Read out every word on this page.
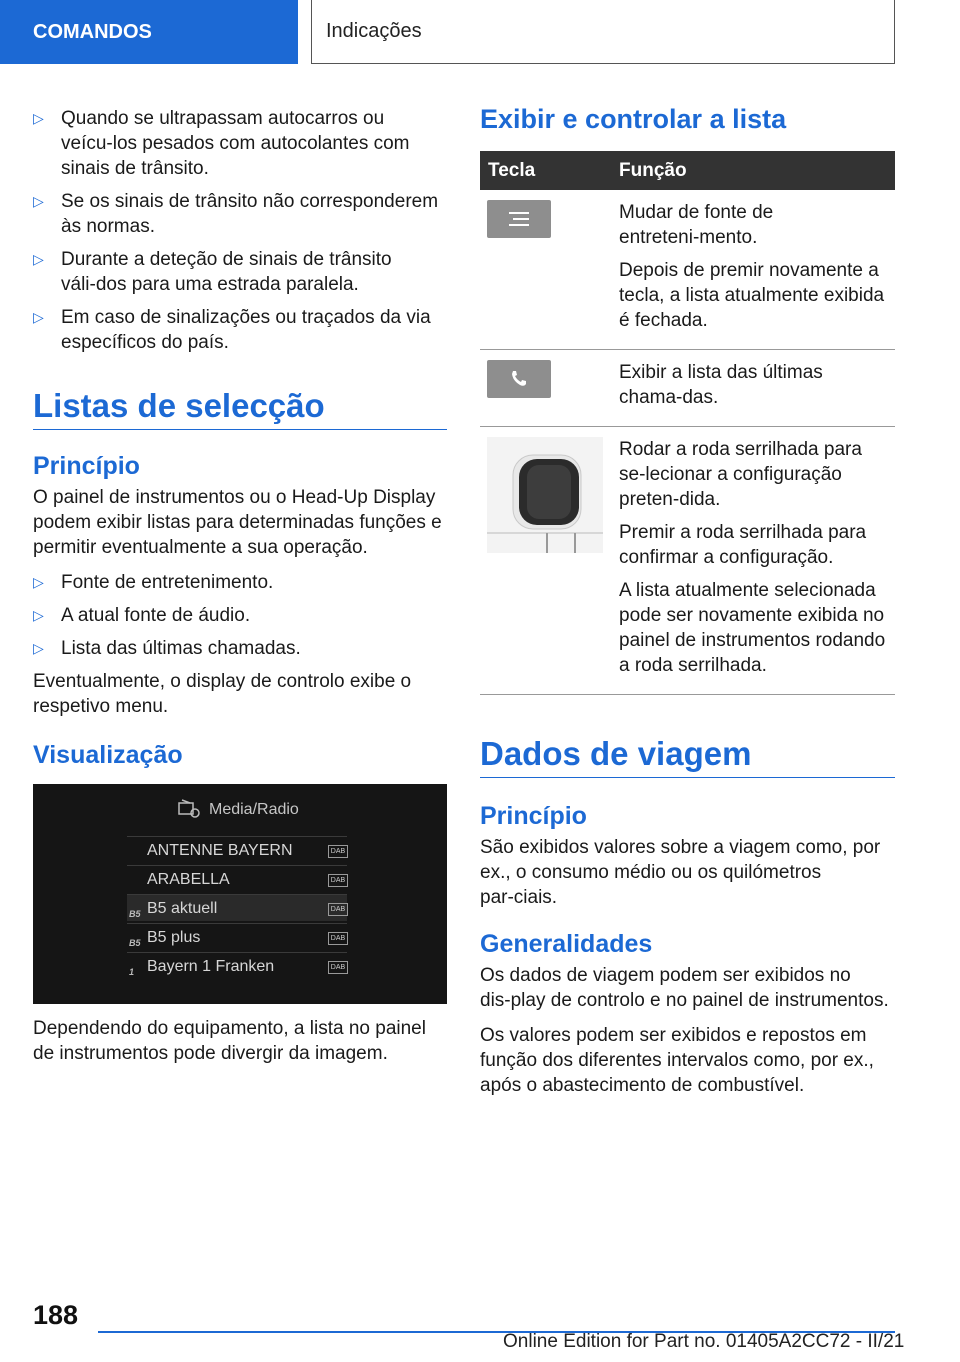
COMANDOS	Indicações
▷ Quando se ultrapassam autocarros ou veícu‑los pesados com autocolantes com sinais de trânsito.
▷ Se os sinais de trânsito não corresponderem às normas.
▷ Durante a deteção de sinais de trânsito váli‑dos para uma estrada paralela.
▷ Em caso de sinalizações ou traçados da via específicos do país.
Listas de selecção
Princípio

O painel de instrumentos ou o Head-Up Display podem exibir listas para determinadas funções e permitir eventualmente a sua operação.

▷ Fonte de entretenimento.
▷ A atual fonte de áudio.
▷ Lista das últimas chamadas.

Eventualmente, o display de controlo exibe o respetivo menu.

Visualização
Media/Radio
ANTENNE BAYERN	DAB
ARABELLA	DAB
B5 B5 aktuell	DAB
B5 B5 plus	DAB
1 Bayern 1 Franken	DAB

Dependendo do equipamento, a lista no painel de instrumentos pode divergir da imagem.

Exibir e controlar a lista
Tecla	Função

Mudar de fonte de entreteni‑mento.

Depois de premir novamente a tecla, a lista atualmente exibida é fechada.

Exibir a lista das últimas chama‑das.

Rodar a roda serrilhada para se‑lecionar a configuração preten‑dida.

Premir a roda serrilhada para confirmar a configuração.

A lista atualmente selecionada pode ser novamente exibida no painel de instrumentos rodando a roda serrilhada.

Dados de viagem
Princípio

São exibidos valores sobre a viagem como, por ex., o consumo médio ou os quilómetros par‑ciais.

Generalidades

Os dados de viagem podem ser exibidos no dis‑play de controlo e no painel de instrumentos.

Os valores podem ser exibidos e repostos em função dos diferentes intervalos como, por ex., após o abastecimento de combustível.

188
Online Edition for Part no. 01405A2CC72 - II/21
